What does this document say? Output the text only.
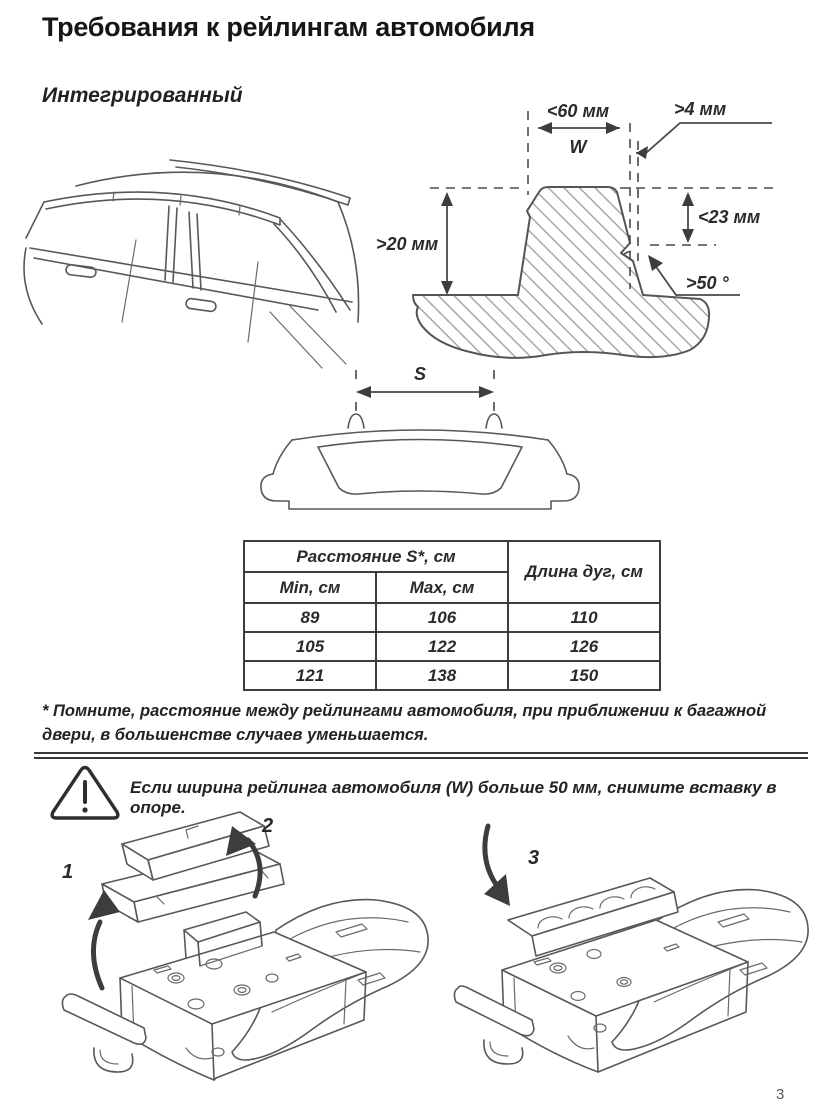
Требования к рейлингам автомобиля
Интегрированный
<60 мм
W
>4 мм
>20 мм
<23 мм
>50 °
S
Расстояние S*, см		Длина дуг, см
Min, см	Max, см	
89	106	110
105	122	126
121	138	150
* Помните, расстояние между рейлингами автомобиля, при приближении к багажной двери, в большенстве случаев уменьшается.
Если ширина рейлинга автомобиля (W) больше 50 мм, снимите вставку в опоре.
1
2
3
3
